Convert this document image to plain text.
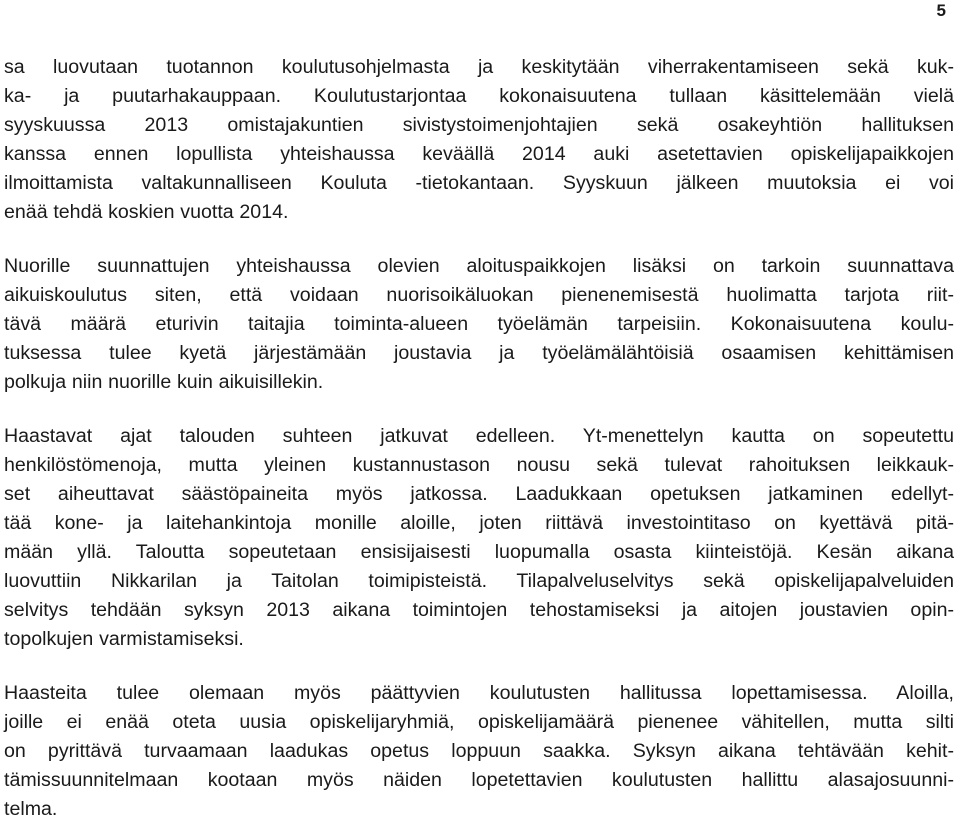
5

sa luovutaan tuotannon koulutusohjelmasta ja keskitytään viherrakentamiseen sekä kuk-
ka- ja puutarhakauppaan. Koulutustarjontaa kokonaisuutena tullaan käsittelemään vielä
syyskuussa 2013 omistajakuntien sivistystoimenjohtajien sekä osakeyhtiön hallituksen
kanssa ennen lopullista yhteishaussa keväällä 2014 auki asetettavien opiskelijapaikkojen
ilmoittamista valtakunnalliseen Kouluta -tietokantaan. Syyskuun jälkeen muutoksia ei voi
enää tehdä koskien vuotta 2014.

Nuorille suunnattujen yhteishaussa olevien aloituspaikkojen lisäksi on tarkoin suunnattava
aikuiskoulutus siten, että voidaan nuorisoikäluokan pienenemisestä huolimatta tarjota riit-
tävä määrä eturivin taitajia toiminta-alueen työelämän tarpeisiin. Kokonaisuutena koulu-
tuksessa tulee kyetä järjestämään joustavia ja työelämälähtöisiä osaamisen kehittämisen
polkuja niin nuorille kuin aikuisillekin.

Haastavat ajat talouden suhteen jatkuvat edelleen. Yt-menettelyn kautta on sopeutettu
henkilöstömenoja, mutta yleinen kustannustason nousu sekä tulevat rahoituksen leikkauk-
set aiheuttavat säästöpaineita myös jatkossa. Laadukkaan opetuksen jatkaminen edellyt-
tää kone- ja laitehankintoja monille aloille, joten riittävä investointitaso on kyettävä pitä-
mään yllä. Taloutta sopeutetaan ensisijaisesti luopumalla osasta kiinteistöjä. Kesän aikana
luovuttiin Nikkarilan ja Taitolan toimipisteistä. Tilapalveluselvitys sekä opiskelijapalveluiden
selvitys tehdään syksyn 2013 aikana toimintojen tehostamiseksi ja aitojen joustavien opin-
topolkujen varmistamiseksi.

Haasteita tulee olemaan myös päättyvien koulutusten hallitussa lopettamisessa. Aloilla,
joille ei enää oteta uusia opiskelijaryhmiä, opiskelijamäärä pienenee vähitellen, mutta silti
on pyrittävä turvaamaan laadukas opetus loppuun saakka. Syksyn aikana tehtävään kehit-
tämissuunnitelmaan kootaan myös näiden lopetettavien koulutusten hallittu alasajosuunni-
telma.
